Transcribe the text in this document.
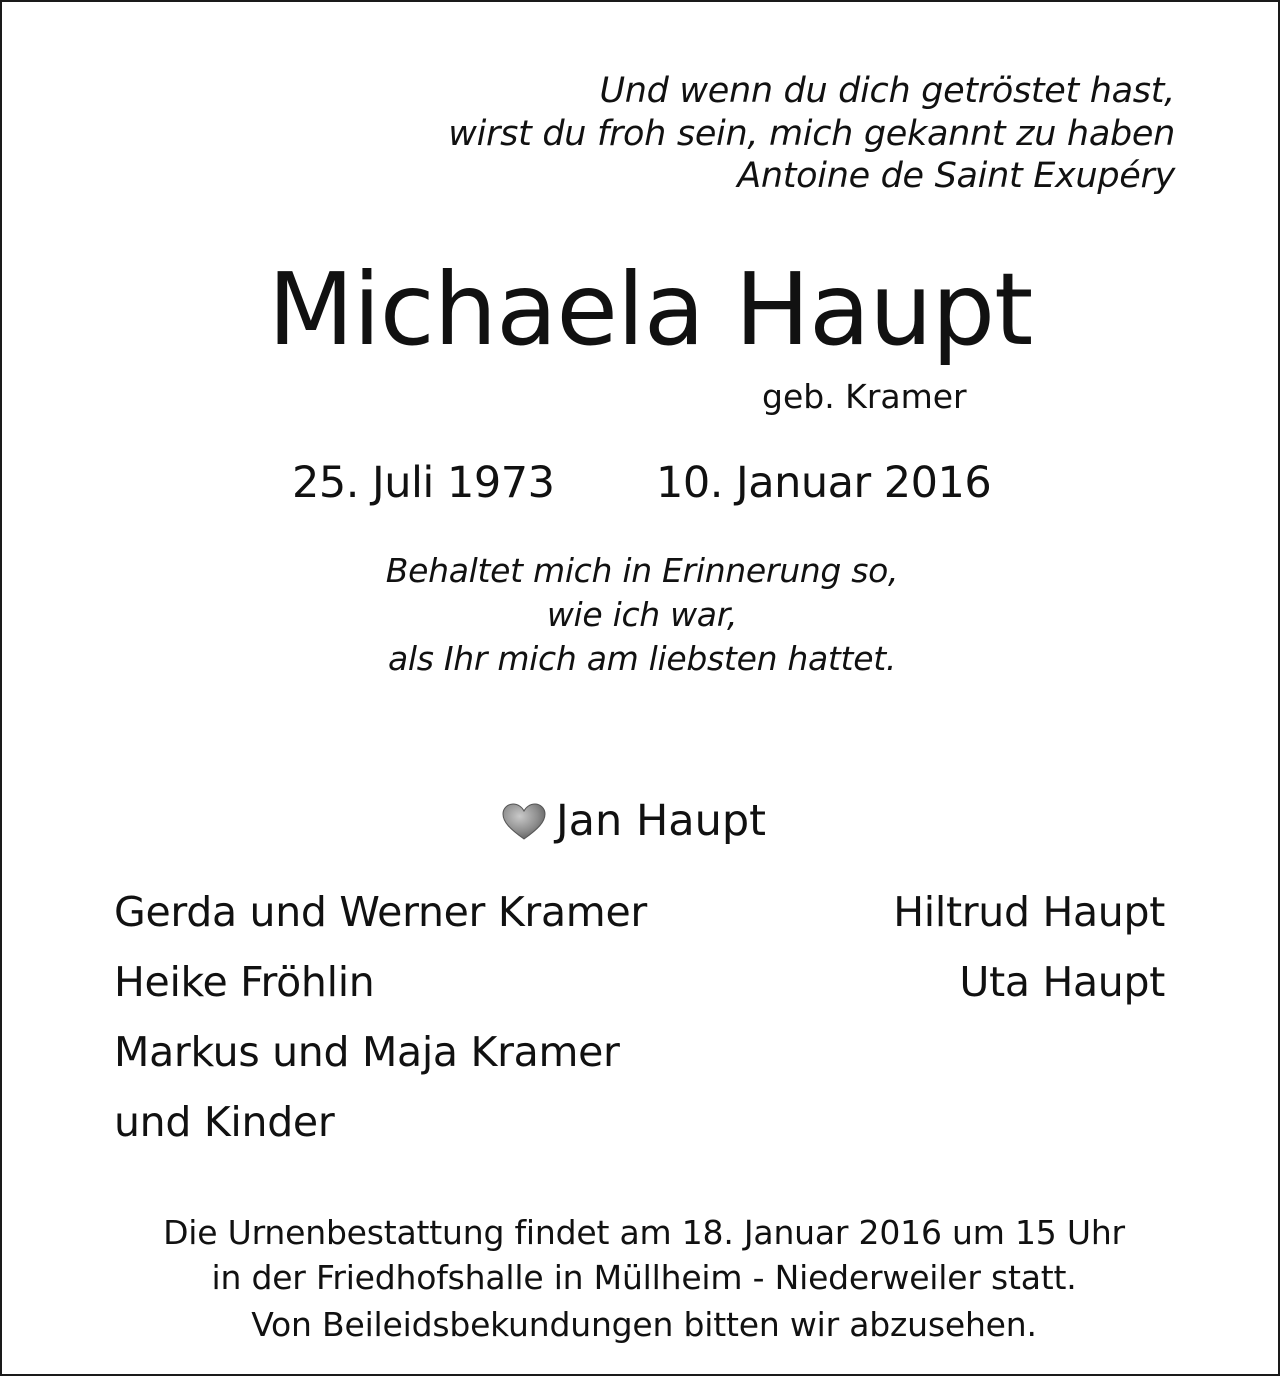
Und wenn du dich getröstet hast,
wirst du froh sein, mich gekannt zu haben
Antoine de Saint Exupéry
Michaela Haupt
geb. Kramer
25. Juli 1973 10. Januar 2016
Behaltet mich in Erinnerung so,
wie ich war,
als Ihr mich am liebsten hattet.
Jan Haupt
Gerda und Werner Kramer
Heike Fröhlin
Markus und Maja Kramer
und Kinder
Hiltrud Haupt
Uta Haupt
Die Urnenbestattung findet am 18. Januar 2016 um 15 Uhr
in der Friedhofshalle in Müllheim - Niederweiler statt.
Von Beileidsbekundungen bitten wir abzusehen.
